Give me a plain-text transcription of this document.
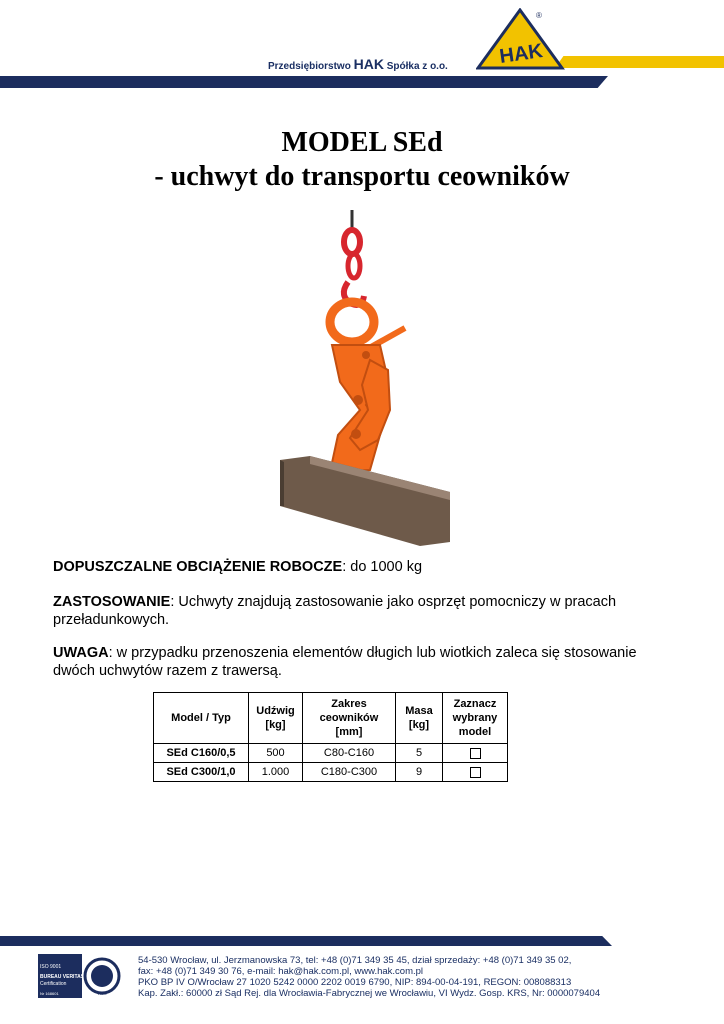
Przedsiębiorstwo HAK Spółka z o.o.	HAK
®
MODEL SEd
- uchwyt do transportu ceowników
DOPUSZCZALNE OBCIĄŻENIE ROBOCZE: do 1000 kg
ZASTOSOWANIE: Uchwyty znajdują zastosowanie jako osprzęt pomocniczy w pracach przeładunkowych.
UWAGA: w przypadku przenoszenia elementów długich lub wiotkich zaleca się stosowanie dwóch uchwytów razem z trawersą.
Model / Typ	Udźwig [kg]	Zakres ceowników [mm]	Masa [kg]	Zaznacz wybrany model
SEd C160/0,5	500	C80-C160	5	
SEd C300/1,0	1.000	C180-C300	9	
ISO 9001
BUREAU VERITAS
Certification
Nr 168601	1828
54-530 Wrocław, ul. Jerzmanowska 73, tel: +48 (0)71 349 35 45, dział sprzedaży: +48 (0)71 349 35 02,
fax: +48 (0)71 349 30 76, e-mail: hak@hak.com.pl, www.hak.com.pl
PKO BP IV O/Wrocław 27 1020 5242 0000 2202 0019 6790, NIP: 894-00-04-191, REGON: 008088313
Kap. Zakł.: 60000 zł Sąd Rej. dla Wrocławia-Fabrycznej we Wrocławiu, VI Wydz. Gosp. KRS, Nr: 0000079404
